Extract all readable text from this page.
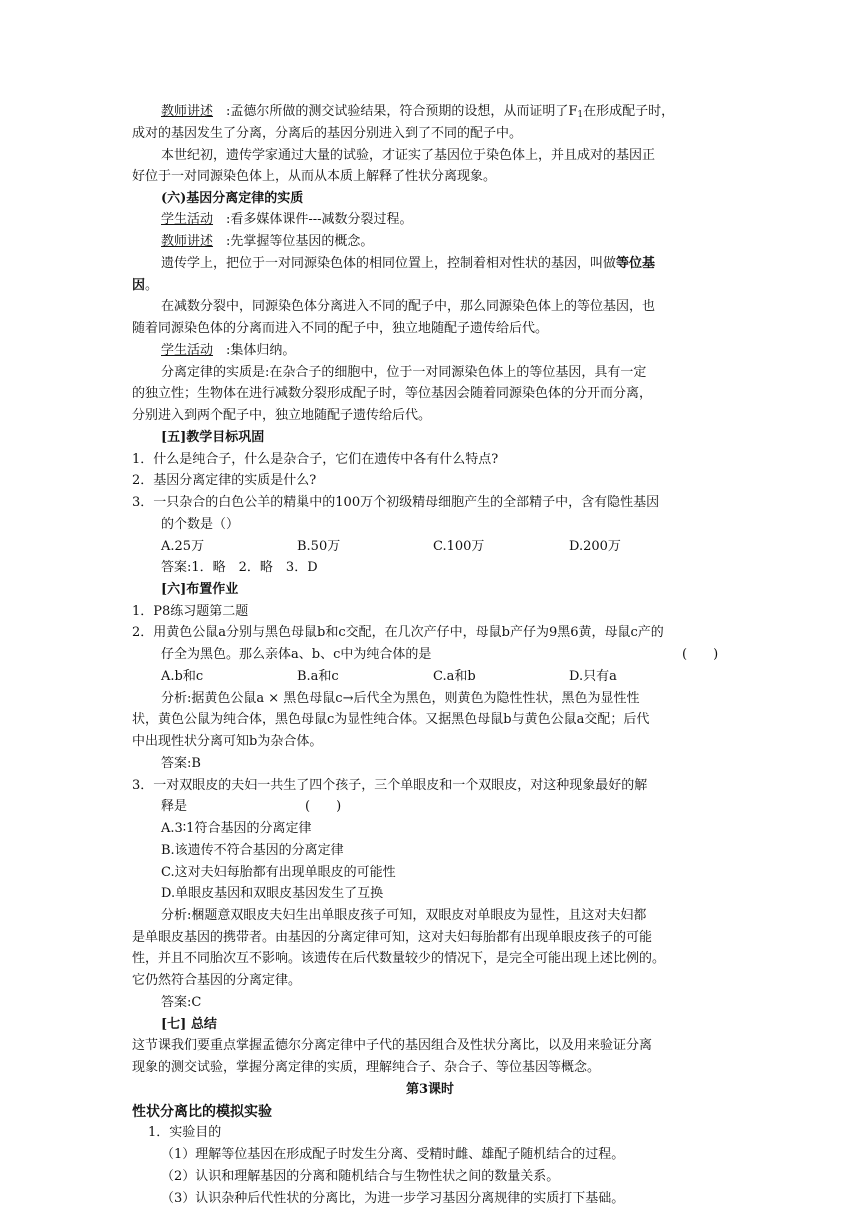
教师讲述 :孟德尔所做的测交试验结果，符合预期的设想，从而证明了$F_1$在形成配子时，
成对的基因发生了分离，分离后的基因分别进入到了不同的配子中。
本世纪初，遗传学家通过大量的试验，才证实了基因位于染色体上，并且成对的基因正
好位于一对同源染色体上，从而从本质上解释了性状分离现象。
(六)基因分离定律的实质
学生活动 :看多媒体课件---减数分裂过程。
教师讲述 :先掌握等位基因的概念。
遗传学上，把位于一对同源染色体的相同位置上，控制着相对性状的基因，叫做等位基
因。
在减数分裂中，同源染色体分离进入不同的配子中，那么同源染色体上的等位基因，也
随着同源染色体的分离而进入不同的配子中，独立地随配子遗传给后代。
学生活动 :集体归纳。
分离定律的实质是:在杂合子的细胞中，位于一对同源染色体上的等位基因，具有一定
的独立性；生物体在进行减数分裂形成配子时，等位基因会随着同源染色体的分开而分离，
分别进入到两个配子中，独立地随配子遗传给后代。
[五]教学目标巩固
1．什么是纯合子，什么是杂合子，它们在遗传中各有什么特点?
2．基因分离定律的实质是什么?
3．一只杂合的白色公羊的精巢中的100万个初级精母细胞产生的全部精子中，含有隐性基因
的个数是（）
A.25万	B.50万	C.100万	D.200万
答案:1．略　2．略　3．D
[六]布置作业
1．P8练习题第二题
2．用黄色公鼠a分别与黑色母鼠b和c交配，在几次产仔中，母鼠b产仔为9黑6黄，母鼠c产的
仔全为黑色。那么亲体a、b、c中为纯合体的是	(　　)
A.b和c	B.a和c	C.a和b	D.只有a
分析:据黄色公鼠a × 黑色母鼠c→后代全为黑色，则黄色为隐性性状，黑色为显性性
状，黄色公鼠为纯合体，黑色母鼠c为显性纯合体。又据黑色母鼠b与黄色公鼠a交配；后代
中出现性状分离可知b为杂合体。
答案:B
3．一对双眼皮的夫妇一共生了四个孩子，三个单眼皮和一个双眼皮，对这种现象最好的解
释是	(　　)
A.3∶1符合基因的分离定律
B.该遗传不符合基因的分离定律
C.这对夫妇每胎都有出现单眼皮的可能性
D.单眼皮基因和双眼皮基因发生了互换
分析:梱题意双眼皮夫妇生出单眼皮孩子可知，双眼皮对单眼皮为显性，且这对夫妇都
是单眼皮基因的携带者。由基因的分离定律可知，这对夫妇每胎都有出现单眼皮孩子的可能
性，并且不同胎次互不影响。该遗传在后代数量较少的情况下，是完全可能出现上述比例的。
它仍然符合基因的分离定律。
答案:C
[七] 总结
这节课我们要重点掌握孟德尔分离定律中子代的基因组合及性状分离比，以及用来验证分离
现象的测交试验，掌握分离定律的实质，理解纯合子、杂合子、等位基因等概念。
第3课时
性状分离比的模拟实验
1．实验目的
（1）理解等位基因在形成配子时发生分离、受精时雌、雄配子随机结合的过程。
（2）认识和理解基因的分离和随机结合与生物性状之间的数量关系。
（3）认识杂种后代性状的分离比，为进一步学习基因分离规律的实质打下基础。
